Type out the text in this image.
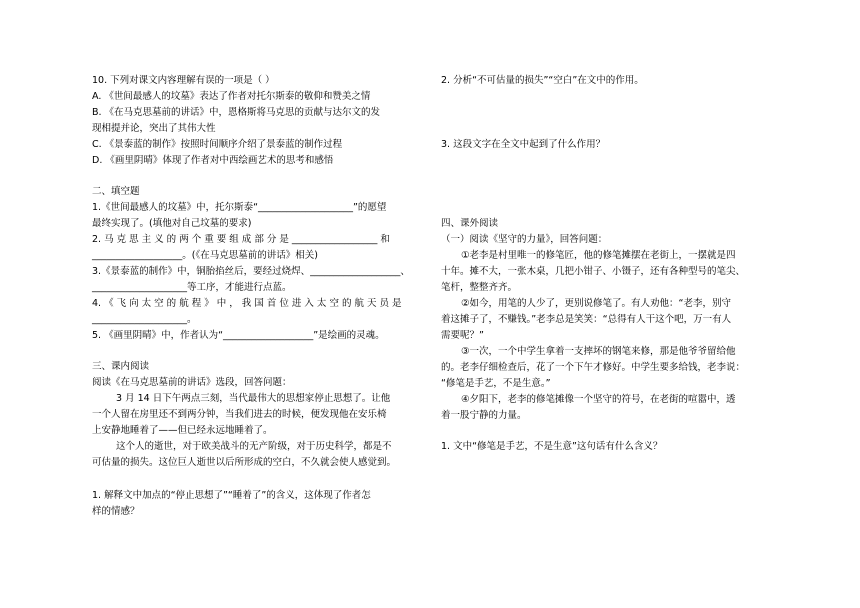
10. 下列对课文内容理解有误的一项是（ ）
A. 《世间最感人的坟墓》表达了作者对托尔斯泰的敬仰和赞美之情
B. 《在马克思墓前的讲话》中，恩格斯将马克思的贡献与达尔文的发
现相提并论，突出了其伟大性
C. 《景泰蓝的制作》按照时间顺序介绍了景泰蓝的制作过程
D. 《画里阴晴》体现了作者对中西绘画艺术的思考和感悟
二、填空题
1.《世间最感人的坟墓》中，托尔斯泰“____________________”的愿望
最终实现了。(填他对自己坟墓的要求)
2. 马 克 思 主 义 的 两 个 重 要 组 成 部 分 是 __________________ 和
___________________。(《在马克思墓前的讲话》相关)
3.《景泰蓝的制作》中，铜胎掐丝后，要经过烧焊、___________________、
____________________等工序，才能进行点蓝。
4. 《 飞 向 太 空 的 航 程 》 中 ， 我 国 首 位 进 入 太 空 的 航 天 员 是
____________________。
5. 《画里阴晴》中，作者认为“___________________”是绘画的灵魂。
三、课内阅读
阅读《在马克思墓前的讲话》选段，回答问题：
3 月 14 日下午两点三刻，当代最伟大的思想家停止思想了。让他
一个人留在房里还不到两分钟，当我们进去的时候，便发现他在安乐椅
上安静地睡着了——但已经永远地睡着了。
这个人的逝世，对于欧美战斗的无产阶级，对于历史科学，都是不
可估量的损失。这位巨人逝世以后所形成的空白，不久就会使人感觉到。
1. 解释文中加点的“停止思想了”“睡着了”的含义，这体现了作者怎
样的情感？
2. 分析“不可估量的损失”“空白”在文中的作用。
3. 这段文字在全文中起到了什么作用？
四、课外阅读
（一）阅读《坚守的力量》，回答问题：
①老李是村里唯一的修笔匠，他的修笔摊摆在老街上，一摆就是四
十年。摊不大，一张木桌，几把小钳子、小镊子，还有各种型号的笔尖、
笔杆，整整齐齐。
②如今，用笔的人少了，更别说修笔了。有人劝他：“老李，别守
着这摊子了，不赚钱。”老李总是笑笑：“总得有人干这个吧，万一有人
需要呢？”
③一次，一个中学生拿着一支摔坏的钢笔来修，那是他爷爷留给他
的。老李仔细检查后，花了一个下午才修好。中学生要多给钱，老李说：
“修笔是手艺，不是生意。”
④夕阳下，老李的修笔摊像一个坚守的符号，在老街的喧嚣中，透
着一股宁静的力量。
1. 文中“修笔是手艺，不是生意”这句话有什么含义？
